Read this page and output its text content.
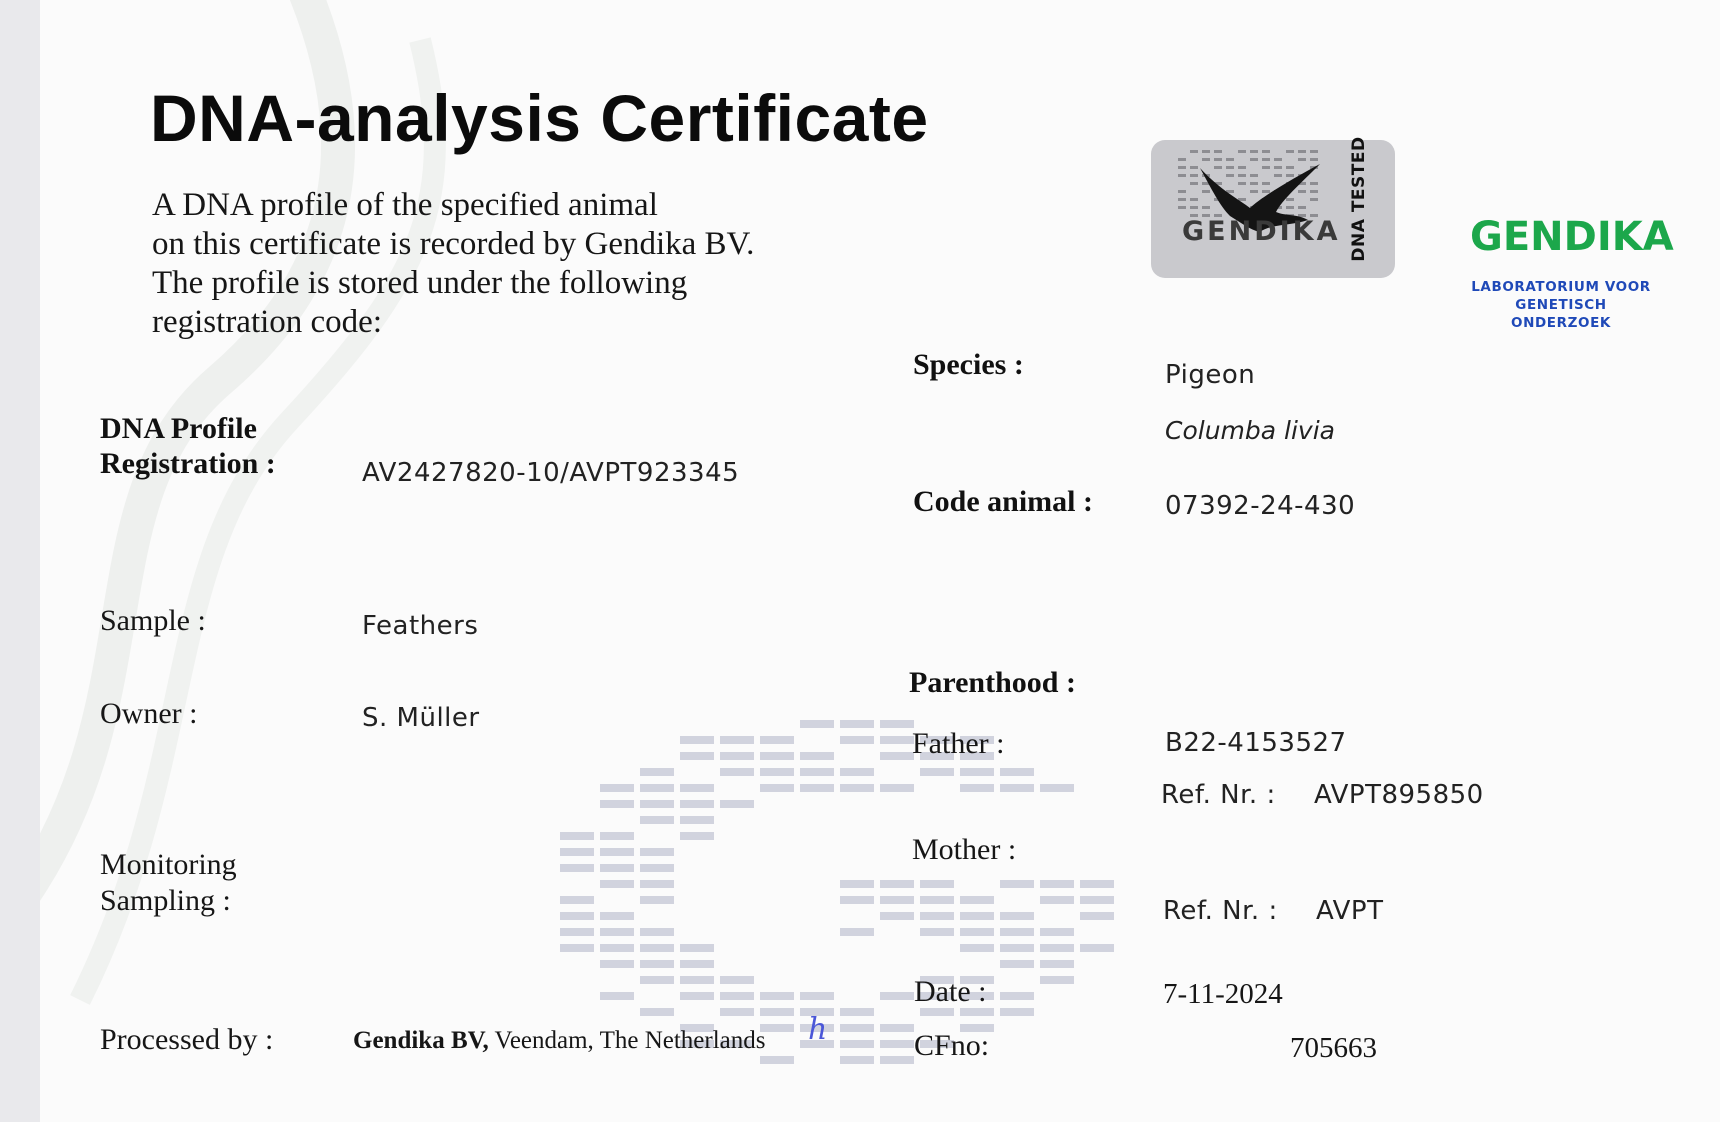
DNA-analysis Certificate
A DNA profile of the specified animal
on this certificate is recorded by Gendika BV.
The profile is stored under the following
registration code:
GENDIKA DNA TESTED	GENDIKA
LABORATORIUM VOOR GENETISCH ONDERZOEK
DNA Profile
Registration :	AV2427820-10/AVPT923345
Sample :	Feathers
Owner :	S. Müller
Monitoring
Sampling :
Processed by :	Gendika BV, Veendam, The Netherlands h
Species :	Pigeon
Columba livia
Code animal :	07392-24-430
Parenthood :
Father :	B22-4153527
Ref. Nr. : AVPT895850
Mother :
Ref. Nr. : AVPT
Date :	7-11-2024
CFno:	705663
